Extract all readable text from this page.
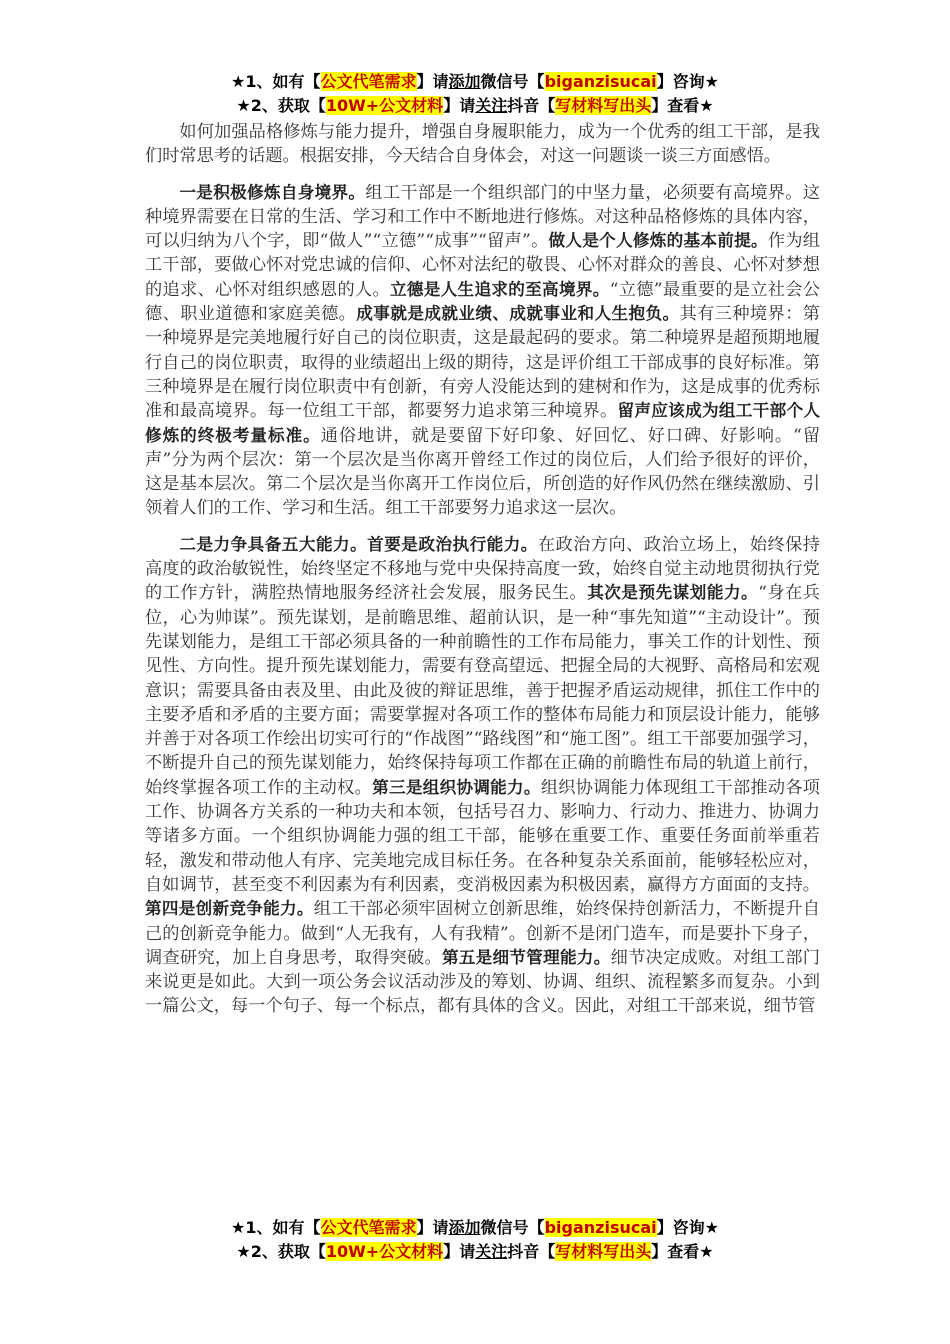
★1、如有【公文代笔需求】请添加微信号【biganzisucai】咨询★
★2、获取【10W+公文材料】请关注抖音【写材料写出头】查看★

如何加强品格修炼与能力提升，增强自身履职能力，成为一个优秀的组工干部，是我们时常思考的话题。根据安排，今天结合自身体会，对这一问题谈一谈三方面感悟。

一是积极修炼自身境界。组工干部是一个组织部门的中坚力量，必须要有高境界。这种境界需要在日常的生活、学习和工作中不断地进行修炼。对这种品格修炼的具体内容，可以归纳为八个字，即“做人”“立德”“成事”“留声”。做人是个人修炼的基本前提。作为组工干部，要做心怀对党忠诚的信仰、心怀对法纪的敬畏、心怀对群众的善良、心怀对梦想的追求、心怀对组织感恩的人。立德是人生追求的至高境界。“立德”最重要的是立社会公德、职业道德和家庭美德。成事就是成就业绩、成就事业和人生抱负。其有三种境界：第一种境界是完美地履行好自己的岗位职责，这是最起码的要求。第二种境界是超预期地履行自己的岗位职责，取得的业绩超出上级的期待，这是评价组工干部成事的良好标准。第三种境界是在履行岗位职责中有创新，有旁人没能达到的建树和作为，这是成事的优秀标准和最高境界。每一位组工干部，都要努力追求第三种境界。留声应该成为组工干部个人修炼的终极考量标准。通俗地讲，就是要留下好印象、好回忆、好口碑、好影响。“留声”分为两个层次：第一个层次是当你离开曾经工作过的岗位后，人们给予很好的评价，这是基本层次。第二个层次是当你离开工作岗位后，所创造的好作风仍然在继续激励、引领着人们的工作、学习和生活。组工干部要努力追求这一层次。

二是力争具备五大能力。首要是政治执行能力。在政治方向、政治立场上，始终保持高度的政治敏锐性，始终坚定不移地与党中央保持高度一致，始终自觉主动地贯彻执行党的工作方针，满腔热情地服务经济社会发展，服务民生。其次是预先谋划能力。“身在兵位，心为帅谋”。预先谋划，是前瞻思维、超前认识，是一种“事先知道”“主动设计”。预先谋划能力，是组工干部必须具备的一种前瞻性的工作布局能力，事关工作的计划性、预见性、方向性。提升预先谋划能力，需要有登高望远、把握全局的大视野、高格局和宏观意识；需要具备由表及里、由此及彼的辩证思维，善于把握矛盾运动规律，抓住工作中的主要矛盾和矛盾的主要方面；需要掌握对各项工作的整体布局能力和顶层设计能力，能够并善于对各项工作绘出切实可行的“作战图”“路线图”和“施工图”。组工干部要加强学习，不断提升自己的预先谋划能力，始终保持每项工作都在正确的前瞻性布局的轨道上前行，始终掌握各项工作的主动权。第三是组织协调能力。组织协调能力体现组工干部推动各项工作、协调各方关系的一种功夫和本领，包括号召力、影响力、行动力、推进力、协调力等诸多方面。一个组织协调能力强的组工干部，能够在重要工作、重要任务面前举重若轻，激发和带动他人有序、完美地完成目标任务。在各种复杂关系面前，能够轻松应对，自如调节，甚至变不利因素为有利因素，变消极因素为积极因素，赢得方方面面的支持。第四是创新竞争能力。组工干部必须牢固树立创新思维，始终保持创新活力，不断提升自己的创新竞争能力。做到“人无我有，人有我精”。创新不是闭门造车，而是要扑下身子，调查研究，加上自身思考，取得突破。第五是细节管理能力。细节决定成败。对组工部门来说更是如此。大到一项公务会议活动涉及的筹划、协调、组织、流程繁多而复杂。小到一篇公文，每一个句子、每一个标点，都有具体的含义。因此，对组工干部来说，细节管

★1、如有【公文代笔需求】请添加微信号【biganzisucai】咨询★
★2、获取【10W+公文材料】请关注抖音【写材料写出头】查看★
